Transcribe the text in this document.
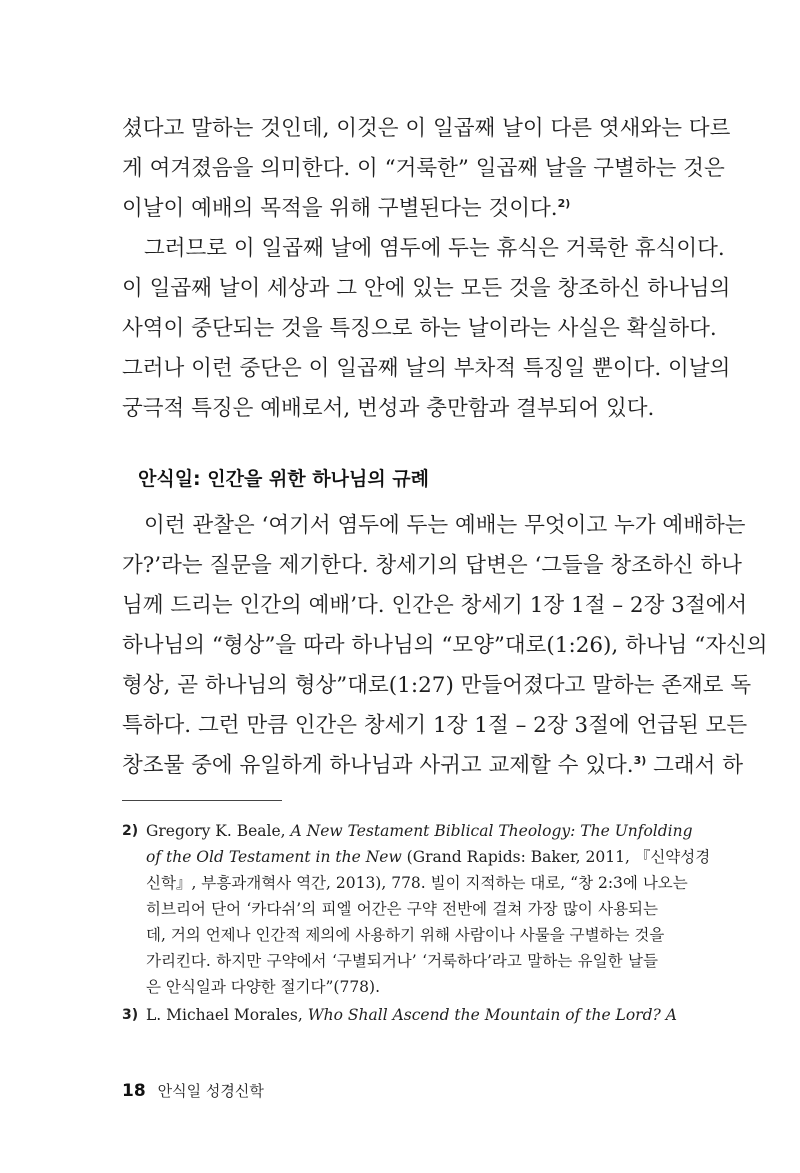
셨다고 말하는 것인데, 이것은 이 일곱째 날이 다른 엿새와는 다르
게 여겨졌음을 의미한다. 이 “거룩한” 일곱째 날을 구별하는 것은
이날이 예배의 목적을 위해 구별된다는 것이다.$^{2)}$
그러므로 이 일곱째 날에 염두에 두는 휴식은 거룩한 휴식이다.
이 일곱째 날이 세상과 그 안에 있는 모든 것을 창조하신 하나님의
사역이 중단되는 것을 특징으로 하는 날이라는 사실은 확실하다.
그러나 이런 중단은 이 일곱째 날의 부차적 특징일 뿐이다. 이날의
궁극적 특징은 예배로서, 번성과 충만함과 결부되어 있다.
안식일: 인간을 위한 하나님의 규례
이런 관찰은 ‘여기서 염두에 두는 예배는 무엇이고 누가 예배하는
가?’라는 질문을 제기한다. 창세기의 답변은 ‘그들을 창조하신 하나
님께 드리는 인간의 예배’다. 인간은 창세기 1장 1절 – 2장 3절에서
하나님의 “형상”을 따라 하나님의 “모양”대로(1:26), 하나님 “자신의
형상, 곧 하나님의 형상”대로(1:27) 만들어졌다고 말하는 존재로 독
특하다. 그런 만큼 인간은 창세기 1장 1절 – 2장 3절에 언급된 모든
창조물 중에 유일하게 하나님과 사귀고 교제할 수 있다.$^{3)}$ 그래서 하
2) Gregory K. Beale, A New Testament Biblical Theology: The Unfolding
of the Old Testament in the New (Grand Rapids: Baker, 2011, 『신약성경
신학』, 부흥과개혁사 역간, 2013), 778. 빌이 지적하는 대로, “창 2:3에 나오는
히브리어 단어 ‘카다쉬’의 피엘 어간은 구약 전반에 걸쳐 가장 많이 사용되는
데, 거의 언제나 인간적 제의에 사용하기 위해 사람이나 사물을 구별하는 것을
가리킨다. 하지만 구약에서 ‘구별되거나’ ‘거룩하다’라고 말하는 유일한 날들
은 안식일과 다양한 절기다”(778).
3) L. Michael Morales, Who Shall Ascend the Mountain of the Lord? A
18 안식일 성경신학
